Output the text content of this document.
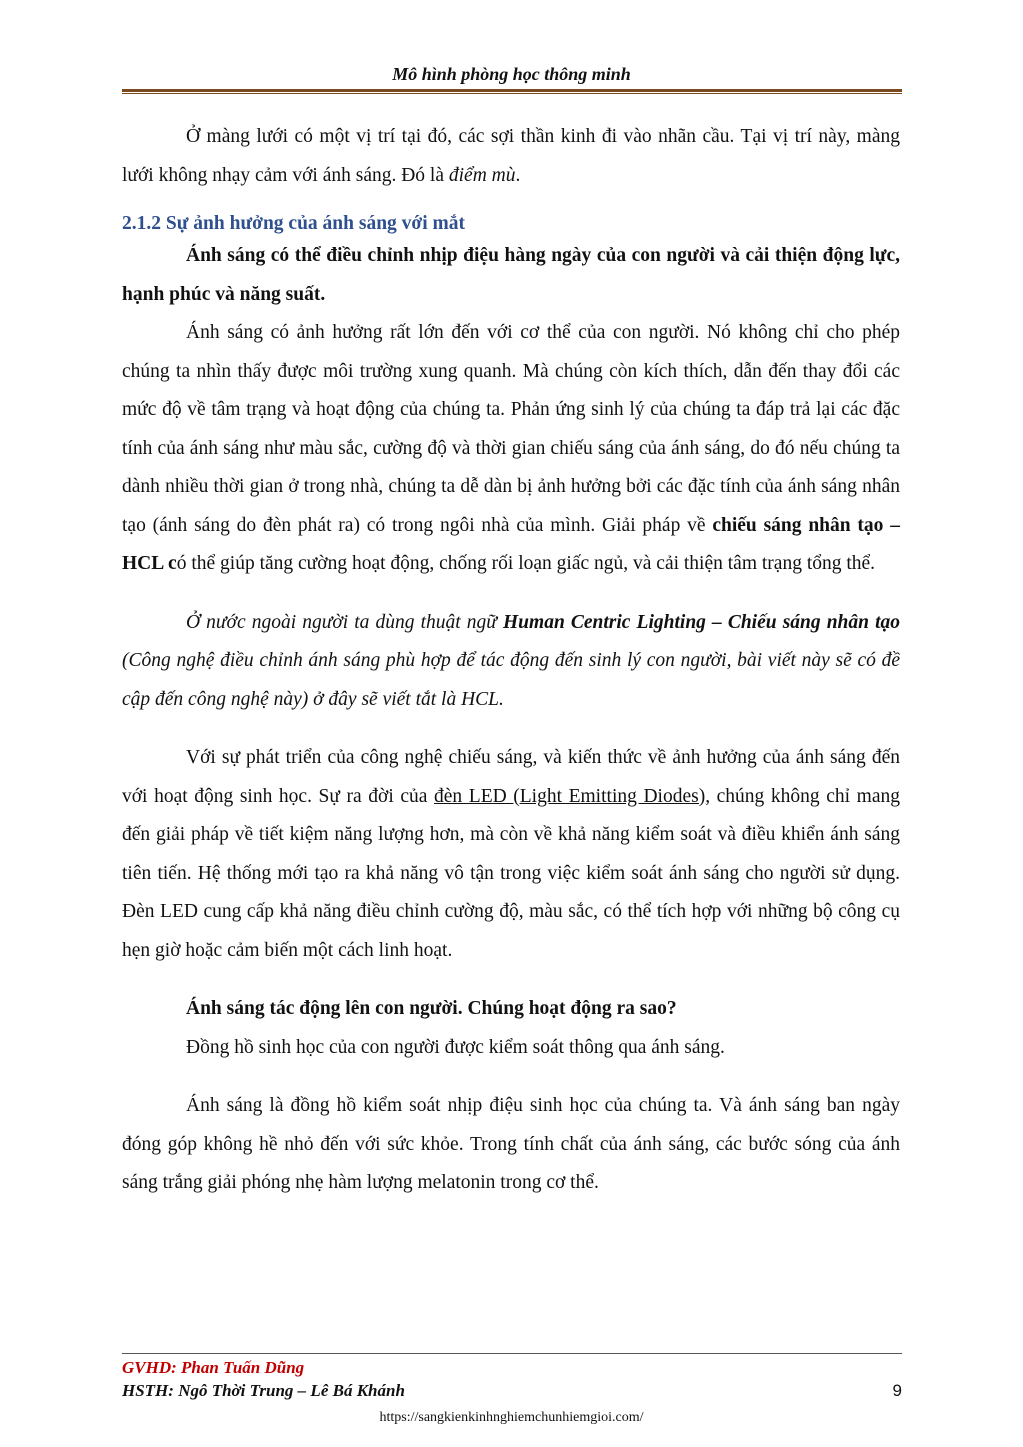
Mô hình phòng học thông minh

Ở màng lưới có một vị trí tại đó, các sợi thần kinh đi vào nhãn cầu. Tại vị trí này, màng lưới không nhạy cảm với ánh sáng. Đó là điểm mù.

2.1.2 Sự ảnh hưởng của ánh sáng với mắt

Ánh sáng có thể điều chỉnh nhịp điệu hàng ngày của con người và cải thiện động lực, hạnh phúc và năng suất.

Ánh sáng có ảnh hưởng rất lớn đến với cơ thể của con người. Nó không chỉ cho phép chúng ta nhìn thấy được môi trường xung quanh. Mà chúng còn kích thích, dẫn đến thay đổi các mức độ về tâm trạng và hoạt động của chúng ta. Phản ứng sinh lý của chúng ta đáp trả lại các đặc tính của ánh sáng như màu sắc, cường độ và thời gian chiếu sáng của ánh sáng, do đó nếu chúng ta dành nhiều thời gian ở trong nhà, chúng ta dễ dàn bị ảnh hưởng bởi các đặc tính của ánh sáng nhân tạo (ánh sáng do đèn phát ra) có trong ngôi nhà của mình. Giải pháp về chiếu sáng nhân tạo – HCL có thể giúp tăng cường hoạt động, chống rối loạn giấc ngủ, và cải thiện tâm trạng tổng thể.

Ở nước ngoài người ta dùng thuật ngữ Human Centric Lighting – Chiếu sáng nhân tạo (Công nghệ điều chỉnh ánh sáng phù hợp để tác động đến sinh lý con người, bài viết này sẽ có đề cập đến công nghệ này) ở đây sẽ viết tắt là HCL.

Với sự phát triển của công nghệ chiếu sáng, và kiến thức về ảnh hưởng của ánh sáng đến với hoạt động sinh học. Sự ra đời của đèn LED (Light Emitting Diodes), chúng không chỉ mang đến giải pháp về tiết kiệm năng lượng hơn, mà còn về khả năng kiểm soát và điều khiển ánh sáng tiên tiến. Hệ thống mới tạo ra khả năng vô tận trong việc kiểm soát ánh sáng cho người sử dụng. Đèn LED cung cấp khả năng điều chỉnh cường độ, màu sắc, có thể tích hợp với những bộ công cụ hẹn giờ hoặc cảm biến một cách linh hoạt.

Ánh sáng tác động lên con người. Chúng hoạt động ra sao?

Đồng hồ sinh học của con người được kiểm soát thông qua ánh sáng.

Ánh sáng là đồng hồ kiểm soát nhịp điệu sinh học của chúng ta. Và ánh sáng ban ngày đóng góp không hề nhỏ đến với sức khỏe. Trong tính chất của ánh sáng, các bước sóng của ánh sáng trắng giải phóng nhẹ hàm lượng melatonin trong cơ thể.

GVHD: Phan Tuấn Dũng
HSTH: Ngô Thời Trung – Lê Bá Khánh	9
https://sangkienkinhnghiemchunhiemgioi.com/
